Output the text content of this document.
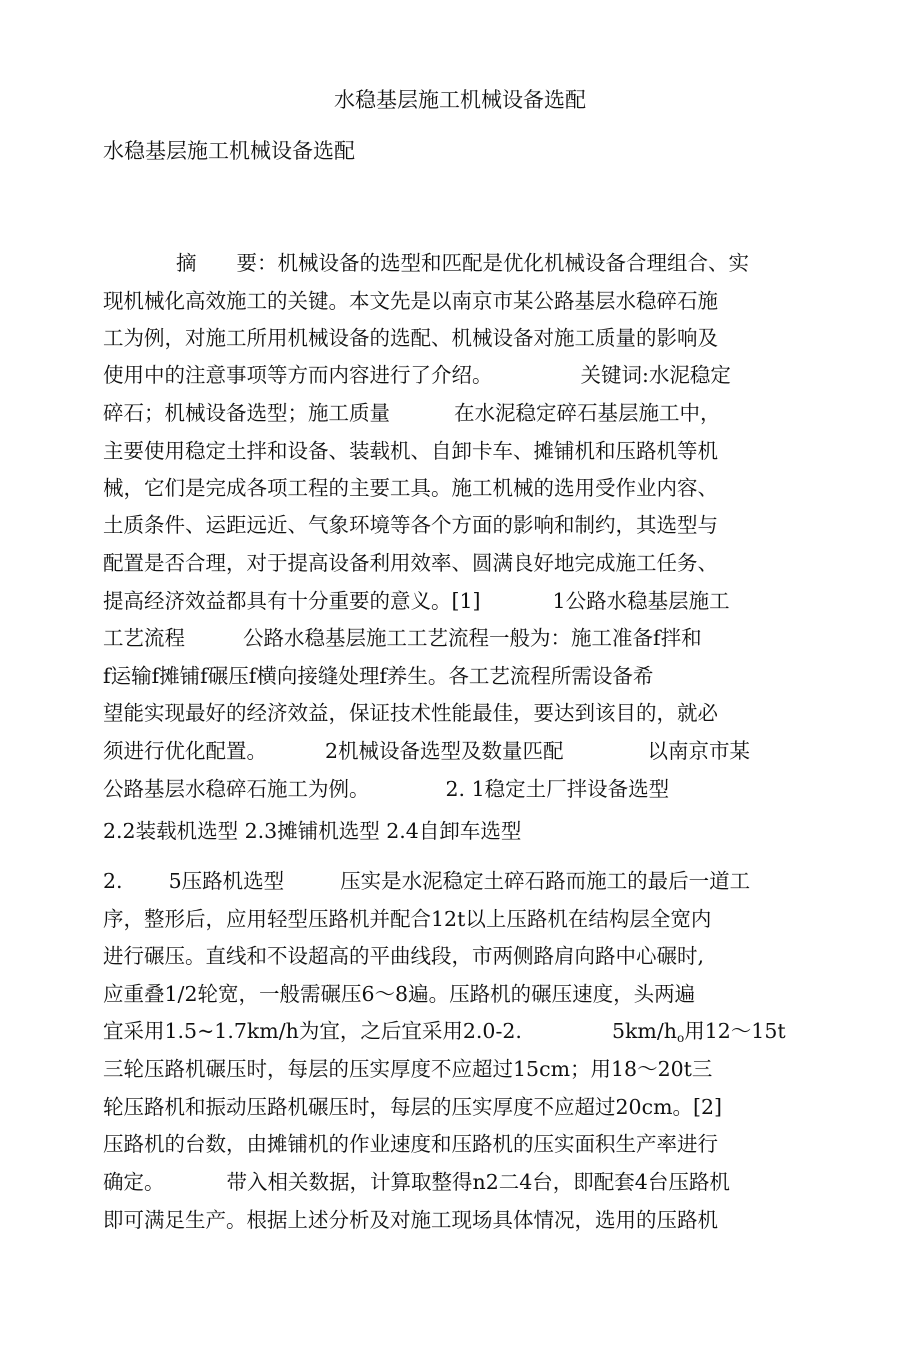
水稳基层施工机械设备选配
水稳基层施工机械设备选配
摘 要：机械设备的选型和匹配是优化机械设备合理组合、实
现机械化高效施工的关键。本文先是以南京市某公路基层水稳碎石施
工为例，对施工所用机械设备的选配、机械设备对施工质量的影响及
使用中的注意事项等方而内容进行了介绍。	关键词:水泥稳定
碎石；机械设备选型；施工质量	在水泥稳定碎石基层施工中，
主要使用稳定土拌和设备、装载机、自卸卡车、摊铺机和压路机等机
械，它们是完成各项工程的主要工具。施工机械的选用受作业内容、
土质条件、运距远近、气象环境等各个方面的影响和制约，其选型与
配置是否合理，对于提高设备利用效率、圆满良好地完成施工任务、
提高经济效益都具有十分重要的意义。[1]	1公路水稳基层施工
工艺流程	公路水稳基层施工工艺流程一般为：施工准备f拌和
f运输f摊铺f碾压f横向接缝处理f养生。各工艺流程所需设备希
望能实现最好的经济效益，保证技术性能最佳，要达到该目的，就必
须进行优化配置。	2机械设备选型及数量匹配	以南京市某
公路基层水稳碎石施工为例。	2. 1稳定土厂拌设备选型
2.2装载机选型 2.3摊铺机选型 2.4自卸车选型
2. 5压路机选型	压实是水泥稳定土碎石路而施工的最后一道工
序，整形后，应用轻型压路机并配合12t以上压路机在结构层全宽内
进行碾压。直线和不设超高的平曲线段，市两侧路肩向路中心碾时,
应重叠1/2轮宽，一般需碾压6～8遍。压路机的碾压速度，头两遍
宜采用1.5~1.7km/h为宜，之后宜采用2.0-2.	$5km/h_o$用12～15t
三轮压路机碾压时，每层的压实厚度不应超过15cm；用18～20t三
轮压路机和振动压路机碾压时，每层的压实厚度不应超过20cm。[2]
压路机的台数，由摊铺机的作业速度和压路机的压实面积生产率进行
确定。	带入相关数据，计算取整得n2二4台，即配套4台压路机
即可满足生产。根据上述分析及对施工现场具体情况，选用的压路机
